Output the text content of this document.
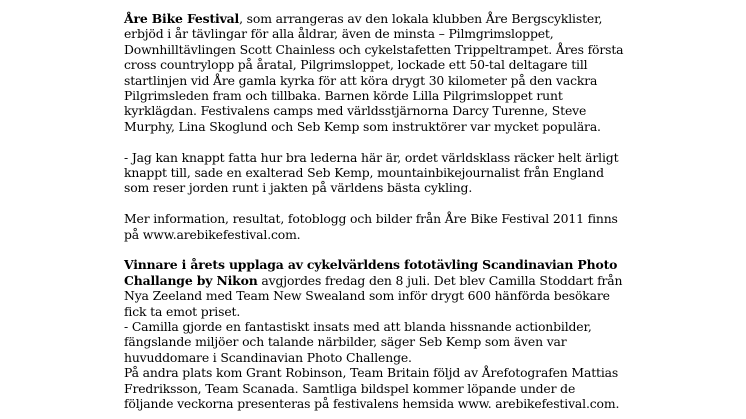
Åre Bike Festival, som arrangeras av den lokala klubben Åre Bergscyklister, erbjöd i år tävlingar för alla åldrar, även de minsta – Pilmgrimsloppet, Downhilltävlingen Scott Chainless och cykelstafetten Trippeltrampet. Åres första cross countrylopp på åratal, Pilgrimsloppet, lockade ett 50-tal deltagare till startlinjen vid Åre gamla kyrka för att köra drygt 30 kilometer på den vackra Pilgrimsleden fram och tillbaka. Barnen körde Lilla Pilgrimsloppet runt kyrklägdan. Festivalens camps med världsstjärnorna Darcy Turenne, Steve Murphy, Lina Skoglund och Seb Kemp som instruktörer var mycket populära.

- Jag kan knappt fatta hur bra lederna här är, ordet världsklass räcker helt ärligt knappt till, sade en exalterad Seb Kemp, mountainbikejournalist från England som reser jorden runt i jakten på världens bästa cykling.

Mer information, resultat, fotoblogg och bilder från Åre Bike Festival 2011 finns på www.arebikefestival.com.

Vinnare i årets upplaga av cykelvärldens fototävling Scandinavian Photo Challange by Nikon avgjordes fredag den 8 juli. Det blev Camilla Stoddart från Nya Zeeland med Team New Swealand som inför drygt 600 hänförda besökare fick ta emot priset.

- Camilla gjorde en fantastiskt insats med att blanda hissnande actionbilder, fängslande miljöer och talande närbilder, säger Seb Kemp som även var huvuddomare i Scandinavian Photo Challenge.

På andra plats kom Grant Robinson, Team Britain följd av Årefotografen Mattias Fredriksson, Team Scanada. Samtliga bildspel kommer löpande under de följande veckorna presenteras på festivalens hemsida www. arebikefestival.com.
